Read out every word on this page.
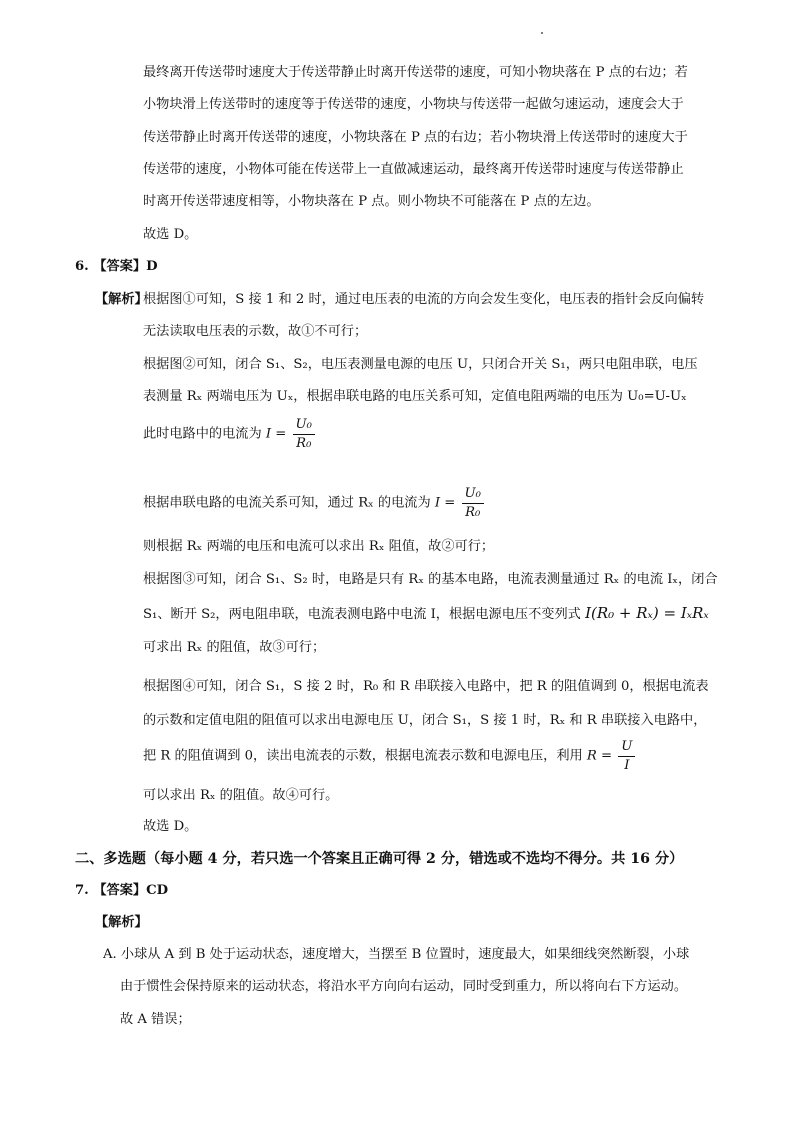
最终离开传送带时速度大于传送带静止时离开传送带的速度，可知小物块落在 P 点的右边；若
小物块滑上传送带时的速度等于传送带的速度，小物块与传送带一起做匀速运动，速度会大于
传送带静止时离开传送带的速度，小物块落在 P 点的右边；若小物块滑上传送带时的速度大于
传送带的速度，小物体可能在传送带上一直做减速运动，最终离开传送带时速度与传送带静止
时离开传送带速度相等，小物块落在 P 点。则小物块不可能落在 P 点的左边。
故选 D。
6. 【答案】D
【解析】
根据图①可知，S 接 1 和 2 时，通过电压表的电流的方向会发生变化，电压表的指针会反向偏转
无法读取电压表的示数，故①不可行；
根据图②可知，闭合 S₁、S₂，电压表测量电源的电压 U，只闭合开关 S₁，两只电阻串联，电压
表测量 Rₓ 两端电压为 Uₓ，根据串联电路的电压关系可知，定值电阻两端的电压为 U₀=U-Uₓ
此时电路中的电流为 $I = \frac{\text{U₀}}{\text{R₀}}$
根据串联电路的电流关系可知，通过 Rₓ 的电流为 $I = \frac{\text{U₀}}{\text{R₀}}$
则根据 Rₓ 两端的电压和电流可以求出 Rₓ 阻值，故②可行；
根据图③可知，闭合 S₁、S₂ 时，电路是只有 Rₓ 的基本电路，电流表测量通过 Rₓ 的电流 Iₓ，闭合
S₁、断开 S₂，两电阻串联，电流表测电路中电流 I，根据电源电压不变列式 I(R₀ + Rₓ) = IₓRₓ
可求出 Rₓ 的阻值，故③可行；
根据图④可知，闭合 S₁，S 接 2 时，R₀ 和 R 串联接入电路中，把 R 的阻值调到 0，根据电流表
的示数和定值电阻的阻值可以求出电源电压 U，闭合 S₁，S 接 1 时，Rₓ 和 R 串联接入电路中，
把 R 的阻值调到 0，读出电流表的示数，根据电流表示数和电源电压，利用 $R = \frac{U}{I}$
可以求出 Rₓ 的阻值。故④可行。
故选 D。
二、多选题（每小题 4 分，若只选一个答案且正确可得 2 分，错选或不选均不得分。共 16 分）
7. 【答案】CD
【解析】
A. 小球从 A 到 B 处于运动状态，速度增大，当摆至 B 位置时，速度最大，如果细线突然断裂，小球
由于惯性会保持原来的运动状态，将沿水平方向向右运动，同时受到重力，所以将向右下方运动。
故 A 错误；
